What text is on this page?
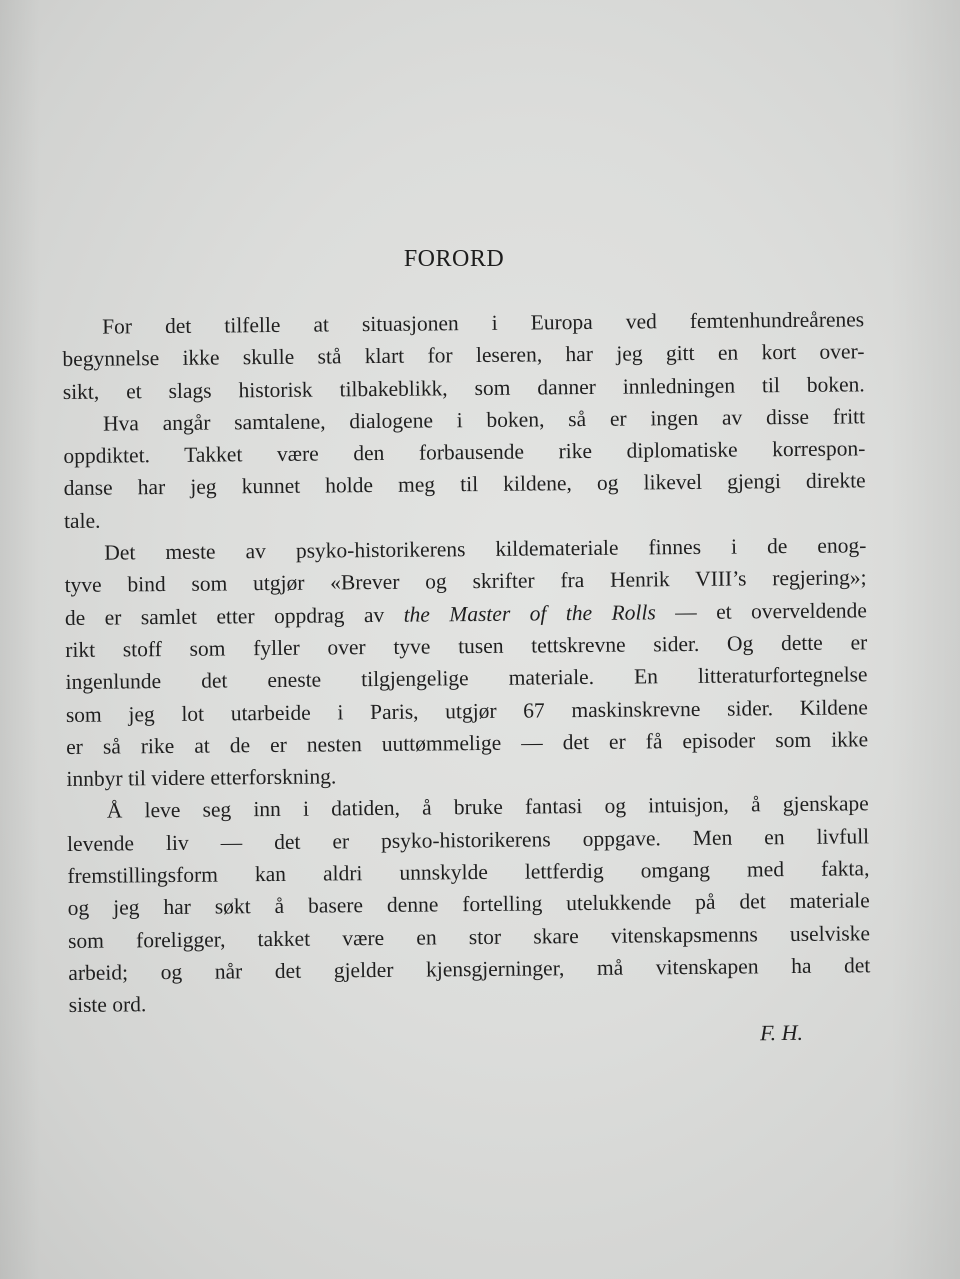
FORORD

For det tilfelle at situasjonen i Europa ved femtenhundreårenes
begynnelse ikke skulle stå klart for leseren, har jeg gitt en kort over-
sikt, et slags historisk tilbakeblikk, som danner innledningen til boken.

Hva angår samtalene, dialogene i boken, så er ingen av disse fritt
oppdiktet. Takket være den forbausende rike diplomatiske korrespon-
danse har jeg kunnet holde meg til kildene, og likevel gjengi direkte
tale.

Det meste av psyko-historikerens kildemateriale finnes i de enog-
tyve bind som utgjør «Brever og skrifter fra Henrik VIII’s regjering»;
de er samlet etter oppdrag av the Master of the Rolls — et overveldende
rikt stoff som fyller over tyve tusen tettskrevne sider. Og dette er
ingenlunde det eneste tilgjengelige materiale. En litteraturfortegnelse
som jeg lot utarbeide i Paris, utgjør 67 maskinskrevne sider. Kildene
er så rike at de er nesten uuttømmelige — det er få episoder som ikke
innbyr til videre etterforskning.

Å leve seg inn i datiden, å bruke fantasi og intuisjon, å gjenskape
levende liv — det er psyko-historikerens oppgave. Men en livfull
fremstillingsform kan aldri unnskylde lettferdig omgang med fakta,
og jeg har søkt å basere denne fortelling utelukkende på det materiale
som foreligger, takket være en stor skare vitenskapsmenns uselviske
arbeid; og når det gjelder kjensgjerninger, må vitenskapen ha det
siste ord.

F. H.
